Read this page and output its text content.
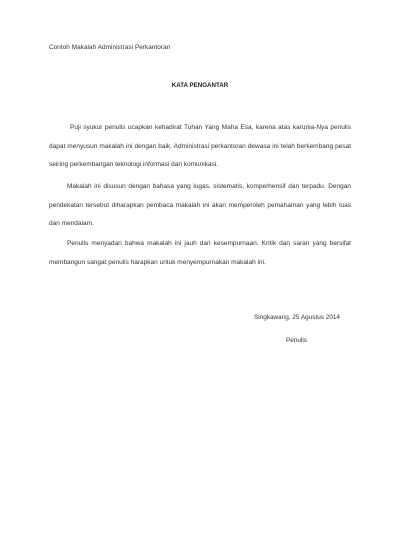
Contoh Makalah Administrasi Perkantoran
KATA PENGANTAR

Puji syukur penulis ucapkan kehadirat Tuhan Yang Maha Esa, karena atas karunia-Nya penulis dapat menyusun makalah ini dengan baik. Administrasi perkantoran dewasa ini telah berkembang pesat seiring perkembangan teknologi informasi dan komunikasi.

Makalah ini disusun dengan bahasa yang lugas, sistematis, komperhensif dan terpadu. Dengan pendekatan tersebut diharapkan pembaca makalah ini akan memperoleh pemahaman yang lebih luas dan mendalam.

Penulis menyadari bahwa makalah ini jauh dari kesempurnaan. Kritik dan saran yang bersifat membangun sangat penulis harapkan untuk menyempurnakan makalah ini.

Singkawang, 25 Agustus 2014
Penulis
